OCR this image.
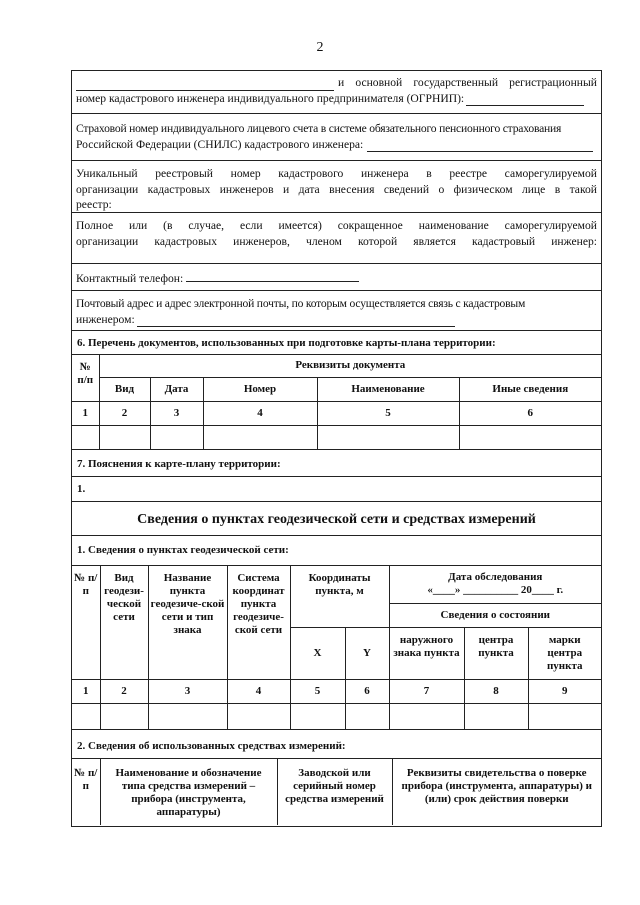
2
и основной государственный регистрационный
номер кадастрового инженера индивидуального предпринимателя (ОГРНИП):
Страховой номер индивидуального лицевого счета в системе обязательного пенсионного страхования
Российской Федерации (СНИЛС) кадастрового инженера:
Уникальный реестровый номер кадастрового инженера в реестре саморегулируемой
организации кадастровых инженеров и дата внесения сведений о физическом лице в такой
реестр:
Полное или (в случае, если имеется) сокращенное наименование саморегулируемой
организации кадастровых инженеров, членом которой является кадастровый инженер:
Контактный телефон:
Почтовый адрес и адрес электронной почты, по которым осуществляется связь с кадастровым
инженером:
6. Перечень документов, использованных при подготовке карты-плана территории:
№ п/п	Реквизиты документа				
	Вид	Дата	Номер	Наименование	Иные сведения
1	2	3	4	5	6

7. Пояснения к карте-плану территории:
1.
Сведения о пунктах геодезической сети и средствах измерений
1. Сведения о пунктах геодезической сети:
№ п/п	Вид геодези-ческой сети	Название пункта геодезиче-ской сети и тип знака	Система координат пункта геодезиче-ской сети	Координаты пункта, м		Дата обследования
«____» __________ 20____ г.		

						Сведения о состоянии		
				X	Y	наружного знака пункта	центра пункта	марки центра пункта
1	2	3	4	5	6	7	8	9

2. Сведения об использованных средствах измерений:
№ п/п	Наименование и обозначение типа средства измерений – прибора (инструмента, аппаратуры)	Заводской или серийный номер средства измерений	Реквизиты свидетельства о поверке прибора (инструмента, аппаратуры) и (или) срок действия поверки
